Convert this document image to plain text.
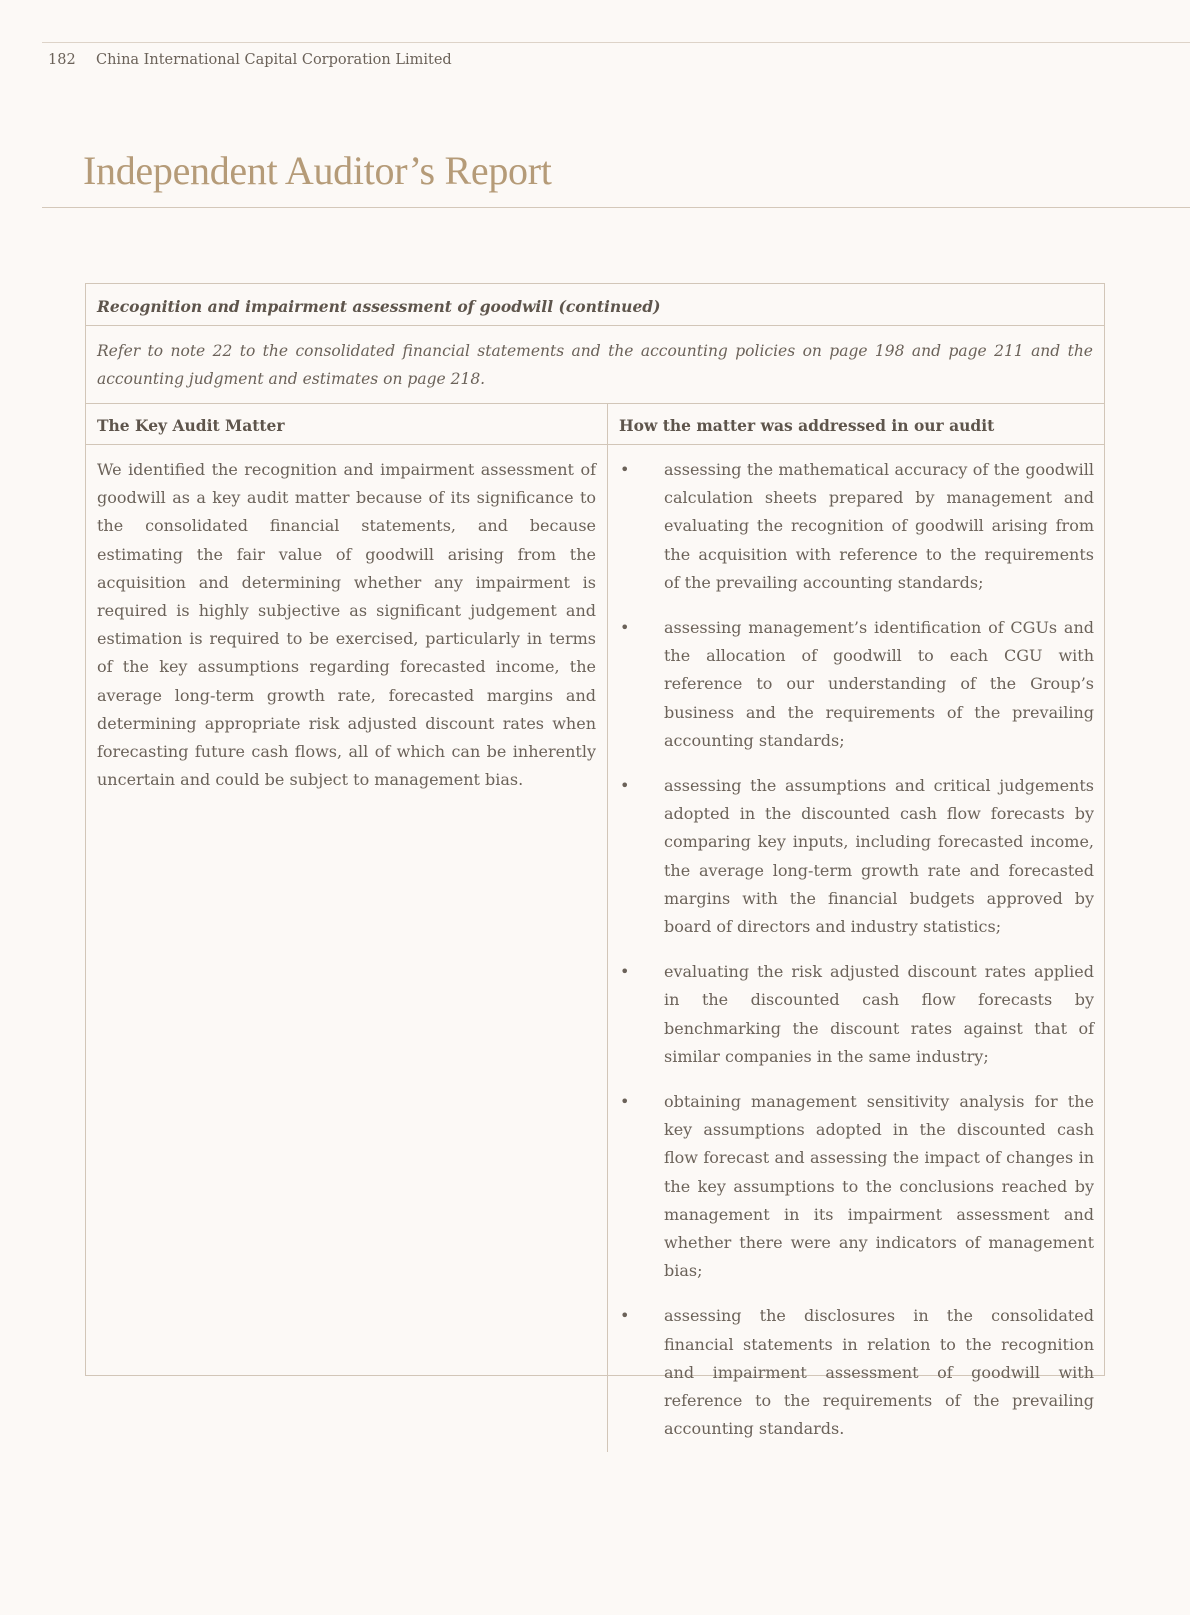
182 China International Capital Corporation Limited
Independent Auditor’s Report
Recognition and impairment assessment of goodwill (continued)
Refer to note 22 to the consolidated financial statements and the accounting policies on page 198 and page 211 and the accounting judgment and estimates on page 218.
The Key Audit Matter	How the matter was addressed in our audit

We identified the recognition and impairment assessment of goodwill as a key audit matter because of its significance to the consolidated financial statements, and because estimating the fair value of goodwill arising from the acquisition and determining whether any impairment is required is highly subjective as significant judgement and estimation is required to be exercised, particularly in terms of the key assumptions regarding forecasted income, the average long-term growth rate, forecasted margins and determining appropriate risk adjusted discount rates when forecasting future cash flows, all of which can be inherently uncertain and could be subject to management bias.

•	assessing the mathematical accuracy of the goodwill calculation sheets prepared by management and evaluating the recognition of goodwill arising from the acquisition with reference to the requirements of the prevailing accounting standards;

•	assessing management’s identification of CGUs and the allocation of goodwill to each CGU with reference to our understanding of the Group’s business and the requirements of the prevailing accounting standards;

•	assessing the assumptions and critical judgements adopted in the discounted cash flow forecasts by comparing key inputs, including forecasted income, the average long-term growth rate and forecasted margins with the financial budgets approved by board of directors and industry statistics;

•	evaluating the risk adjusted discount rates applied in the discounted cash flow forecasts by benchmarking the discount rates against that of similar companies in the same industry;

•	obtaining management sensitivity analysis for the key assumptions adopted in the discounted cash flow forecast and assessing the impact of changes in the key assumptions to the conclusions reached by management in its impairment assessment and whether there were any indicators of management bias;

•	assessing the disclosures in the consolidated financial statements in relation to the recognition and impairment assessment of goodwill with reference to the requirements of the prevailing accounting standards.
